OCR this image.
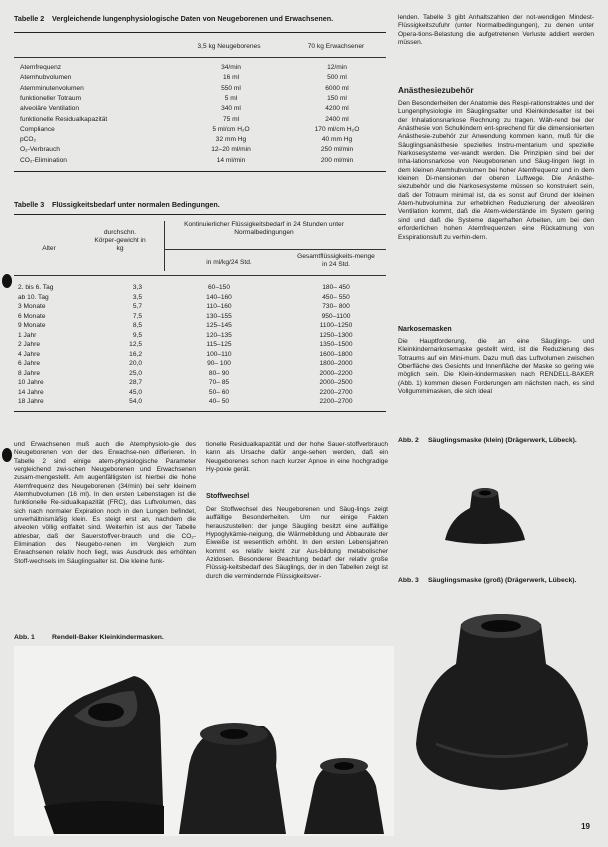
Tabelle 2 Vergleichende lungenphysiologische Daten von Neugeborenen und Erwachsenen.
3,5 kg Neugeborenes	70 kg Erwachsener
Atemfrequenz	34/min	12/min
Atemhubvolumen	16 ml	500 ml
Atemminutenvolumen	550 ml	6000 ml
funktioneller Totraum	5 ml	150 ml
alveoläre Ventilation	340 ml	4200 ml
funktionelle Residualkapazität	75 ml	2400 ml
Compliance	5 ml/cm H₂O	170 ml/cm H₂O
pCO₂	32 mm Hg	40 mm Hg
O₂-Verbrauch	12–20 ml/min	250 ml/min
CO₂-Elimination	14 ml/min	200 ml/min
Tabelle 3 Flüssigkeitsbedarf unter normalen Bedingungen.
Alter
durchschn. Körper-gewicht in kg
Kontinuierlicher Flüssigkeitsbedarf in 24 Stunden unter Normalbedingungen
in ml/kg/24 Std.
Gesamtflüssigkeits-menge in 24 Std.
2. bis 6. Tag	3,3	60–150	180– 450
ab 10. Tag	3,5	140–160	450– 550
3 Monate	5,7	110–160	730– 800
6 Monate	7,5	130–155	950–1100
9 Monate	8,5	125–145	1100–1250
1 Jahr	9,5	120–135	1250–1300
2 Jahre	12,5	115–125	1350–1500
4 Jahre	16,2	100–110	1600–1800
6 Jahre	20,0	90– 100	1800–2000
8 Jahre	25,0	80– 90	2000–2200
10 Jahre	28,7	70– 85	2000–2500
14 Jahre	45,0	50– 60	2200–2700
18 Jahre	54,0	40– 50	2200–2700
lenden. Tabelle 3 gibt Anhaltszahlen der not-wendigen Mindest-Flüssigkeitszufuhr (unter Normalbedingungen), zu denen unter Opera-tions-Belastung die aufgetretenen Verluste addiert werden müssen.
Anästhesiezubehör
Den Besonderheiten der Anatomie des Respi-rationstraktes und der Lungenphysiologie im Säuglingsalter und Kleinkindesalter ist bei der Inhalationsnarkose Rechnung zu tragen. Wäh-rend bei der Anästhesie von Schulkindern ent-sprechend für die dimensionierten Anästhesie-zubehör zur Anwendung kommen kann, muß für die Säuglingsanästhesie spezielles Instru-mentarium und spezielle Narkosesysteme ver-wandt werden. Die Prinzipien sind bei der Inha-lationsnarkose von Neugeborenen und Säug-lingen liegt in dem kleinen Atemhubvolumen bei hoher Atemfrequenz und in dem kleinen Di-mensionen der oberen Luftwege. Die Anästhe-siezubehör und die Narkosesysteme müssen so konstruiert sein, daß der Totraum minimal ist, da es sonst auf Grund der kleinen Atem-hubvolumina zur erheblichen Reduzierung der alveolären Ventilation kommt, daß die Atem-widerstände im System gering sind und daß die Systeme dagerhaften Arbeiten, um bei den erforderlichen hohen Atemfrequenzen eine Rückatmung von Exspirationsluft zu verhin-dern.
Narkosemasken
Die Hauptforderung, die an eine Säuglings- und Kleinkindernarkosemaske gestellt wird, ist die Reduzierung des Totraums auf ein Mini-mum. Dazu muß das Luftvolumen zwischen Oberfläche des Gesichts und Innenfläche der Maske so gering wie möglich sein. Die Klein-kindermasken nach RENDELL-BAKER (Abb. 1) kommen diesen Forderungen am nächsten nach, es sind Vollgummimasken, die sich ideal
und Erwachsenen muß auch die Atemphysiolo-gie des Neugeborenen von der des Erwachse-nen differieren. In Tabelle 2 sind einige atem-physiologische Parameter vergleichend zwi-schen Neugeborenen und Erwachsenen zusam-mengestellt. Am augenfälligsten ist hierbei die hohe Atemfrequenz des Neugeborenen (34/min) bei sehr kleinem Atemhubvolumen (16 ml). In den ersten Lebenstagen ist die funktionelle Re-sidualkapazität (FRC), das Luftvolumen, das sich nach normaler Expiration noch in den Lungen befindet, unverhältnismäßig klein. Es steigt erst an, nachdem die alveolen völlig entfaltet sind. Weiterhin ist aus der Tabelle ablesbar, daß der Sauerstoffver-brauch und die CO₂-Elimination des Neugebo-renen im Vergleich zum Erwachsenen relativ hoch liegt, was Ausdruck des erhöhten Stoff-wechsels im Säuglingsalter ist. Die kleine funk-
tionelle Residualkapazität und der hohe Sauer-stoffverbrauch kann als Ursache dafür ange-sehen werden, daß ein Neugeborenes schon nach kurzer Apnoe in eine hochgradige Hy-poxie gerät.
Stoffwechsel
Der Stoffwechsel des Neugeborenen und Säug-lings zeigt auffällige Besonderheiten. Um nur einige Fakten herauszustellen: der junge Säugling besitzt eine auffällige Hypoglykämie-neigung, die Wärmebildung und Abbaurate der Eiweiße ist wesentlich erhöht. In den ersten Lebensjahren kommt es relativ leicht zur Aus-bildung metabolischer Azidosen. Besonderer Beachtung bedarf der relativ große Flüssig-keitsbedarf des Säuglings, der in den Tabellen zeigt ist durch die vermindernde Flüssigkeitsver-
Abb. 1	Rendell-Baker Kleinkindermasken.
Abb. 2 Säuglingsmaske (klein) (Drägerwerk, Lübeck).
Abb. 3 Säuglingsmaske (groß) (Drägerwerk, Lübeck).
19
